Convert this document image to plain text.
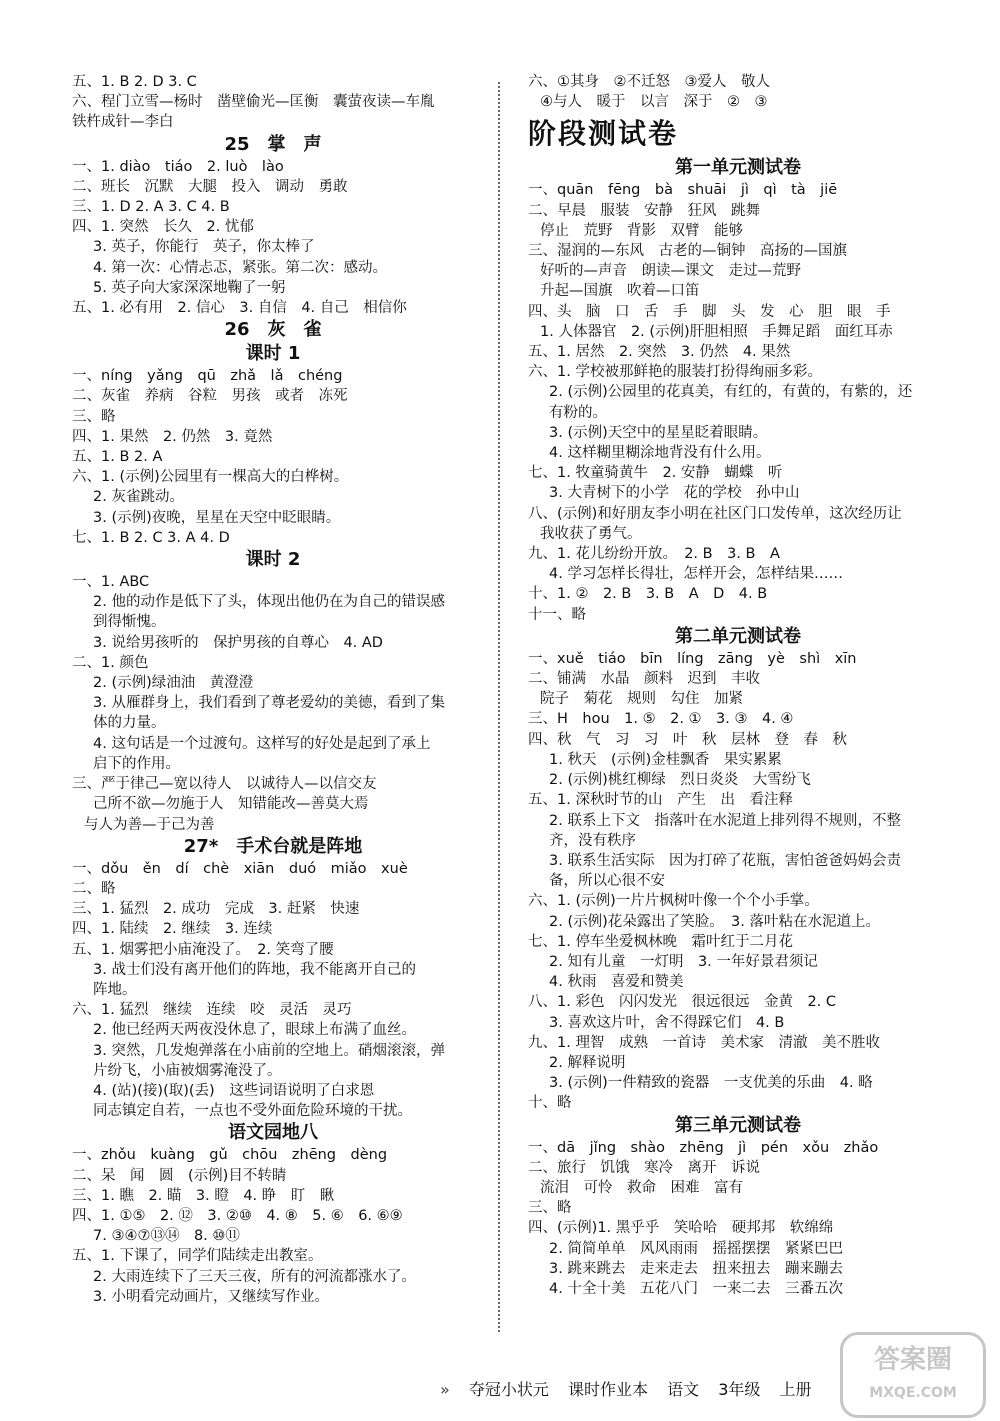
五、1. B 2. D 3. C
六、程门立雪—杨时　凿壁偷光—匡衡　囊萤夜读—车胤
铁杵成针—李白
25　掌　声
一、1. diào　tiáo　2. luò　lào
二、班长　沉默　大腿　投入　调动　勇敢
三、1. D 2. A 3. C 4. B
四、1. 突然　长久　2. 忧郁
3. 英子，你能行　英子，你太棒了
4. 第一次：心情忐忑，紧张。第二次：感动。
5. 英子向大家深深地鞠了一躬
五、1. 必有用　2. 信心　3. 自信　4. 自己　相信你
26　灰　雀
课时 1
一、níng　yǎng　qū　zhǎ　lǎ　chéng
二、灰雀　养病　谷粒　男孩　或者　冻死
三、略
四、1. 果然　2. 仍然　3. 竟然
五、1. B 2. A
六、1. (示例)公园里有一棵高大的白桦树。
2. 灰雀跳动。
3. (示例)夜晚，星星在天空中眨眼睛。
七、1. B 2. C 3. A 4. D
课时 2
一、1. ABC
2. 他的动作是低下了头，体现出他仍在为自己的错误感
到得惭愧。
3. 说给男孩听的　保护男孩的自尊心　4. AD
二、1. 颜色
2. (示例)绿油油　黄澄澄
3. 从雁群身上，我们看到了尊老爱幼的美德，看到了集
体的力量。
4. 这句话是一个过渡句。这样写的好处是起到了承上
启下的作用。
三、严于律己—宽以待人　以诚待人—以信交友
己所不欲—勿施于人　知错能改—善莫大焉
与人为善—于己为善
27*　手术台就是阵地
一、dǒu　ěn　dí　chè　xiān　duó　miǎo　xuè
二、略
三、1. 猛烈　2. 成功　完成　3. 赶紧　快速
四、1. 陆续　2. 继续　3. 连续
五、1. 烟雾把小庙淹没了。　2. 笑弯了腰
3. 战士们没有离开他们的阵地，我不能离开自己的
阵地。
六、1. 猛烈　继续　连续　咬　灵活　灵巧
2. 他已经两天两夜没休息了，眼球上布满了血丝。
3. 突然，几发炮弹落在小庙前的空地上。硝烟滚滚，弹
片纷飞，小庙被烟雾淹没了。
4. (站)(接)(取)(丢)　这些词语说明了白求恩
同志镇定自若，一点也不受外面危险环境的干扰。
语文园地八
一、zhǒu　kuàng　gǔ　chōu　zhēng　dèng
二、呆　闻　圆　(示例)目不转睛
三、1. 瞧　2. 瞄　3. 瞪　4. 睁　盯　瞅
四、1. ①⑤　2. ⑫　3. ②⑩　4. ⑧　5. ⑥　6. ⑥⑨
7. ③④⑦⑬⑭　8. ⑩⑪
五、1. 下课了，同学们陆续走出教室。
2. 大雨连续下了三天三夜，所有的河流都涨水了。
3. 小明看完动画片，又继续写作业。
六、①其身　②不迁怒　③爱人　敬人
④与人　暖于　以言　深于　②　③
阶段测试卷
第一单元测试卷
一、quān　fēng　bà　shuāi　jì　qì　tà　jiē
二、早晨　服装　安静　狂风　跳舞
停止　荒野　背影　双臂　能够
三、湿润的—东风　古老的—铜钟　高扬的—国旗
好听的—声音　朗读—课文　走过—荒野
升起—国旗　吹着—口笛
四、头　脑　口　舌　手　脚　头　发　心　胆　眼　手
1. 人体器官　2. (示例)肝胆相照　手舞足蹈　面红耳赤
五、1. 居然　2. 突然　3. 仍然　4. 果然
六、1. 学校被那鲜艳的服装打扮得绚丽多彩。
2. (示例)公园里的花真美，有红的，有黄的，有紫的，还
有粉的。
3. (示例)天空中的星星眨着眼睛。
4. 这样糊里糊涂地背没有什么用。
七、1. 牧童骑黄牛　2. 安静　蝴蝶　听
3. 大青树下的小学　花的学校　孙中山
八、(示例)和好朋友李小明在社区门口发传单，这次经历让
我收获了勇气。
九、1. 花儿纷纷开放。　2. B　3. B　A
4. 学习怎样长得壮，怎样开会，怎样结果……
十、1. ②　2. B　3. B　A　D　4. B
十一、略
第二单元测试卷
一、xuě　tiáo　bīn　líng　zāng　yè　shì　xīn
二、铺满　水晶　颜料　迟到　丰收
院子　菊花　规则　勾住　加紧
三、H　hou　1. ⑤　2. ①　3. ③　4. ④
四、秋　气　习　习　叶　秋　层林　登　春　秋
1. 秋天　(示例)金桂飘香　果实累累
2. (示例)桃红柳绿　烈日炎炎　大雪纷飞
五、1. 深秋时节的山　产生　出　看注释
2. 联系上下文　指落叶在水泥道上排列得不规则，不整
齐，没有秩序
3. 联系生活实际　因为打碎了花瓶，害怕爸爸妈妈会责
备，所以心很不安
六、1. (示例)一片片枫树叶像一个个小手掌。
2. (示例)花朵露出了笑脸。　3. 落叶粘在水泥道上。
七、1. 停车坐爱枫林晚　霜叶红于二月花
2. 知有儿童　一灯明　3. 一年好景君须记
4. 秋雨　喜爱和赞美
八、1. 彩色　闪闪发光　很远很远　金黄　2. C
3. 喜欢这片叶，舍不得踩它们　4. B
九、1. 理智　成熟　一首诗　美术家　清澈　美不胜收
2. 解释说明
3. (示例)一件精致的瓷器　一支优美的乐曲　4. 略
十、略
第三单元测试卷
一、dā　jǐng　shào　zhēng　jì　pén　xǒu　zhǎo
二、旅行　饥饿　寒冷　离开　诉说
流泪　可怜　救命　困难　富有
三、略
四、(示例)1. 黑乎乎　笑哈哈　硬邦邦　软绵绵
2. 简简单单　风风雨雨　摇摇摆摆　紧紧巴巴
3. 跳来跳去　走来走去　扭来扭去　蹦来蹦去
4. 十全十美　五花八门　一来二去　三番五次
» 夺冠小状元 课时作业本 语文 3年级 上册
答案圈
MXQE.COM
